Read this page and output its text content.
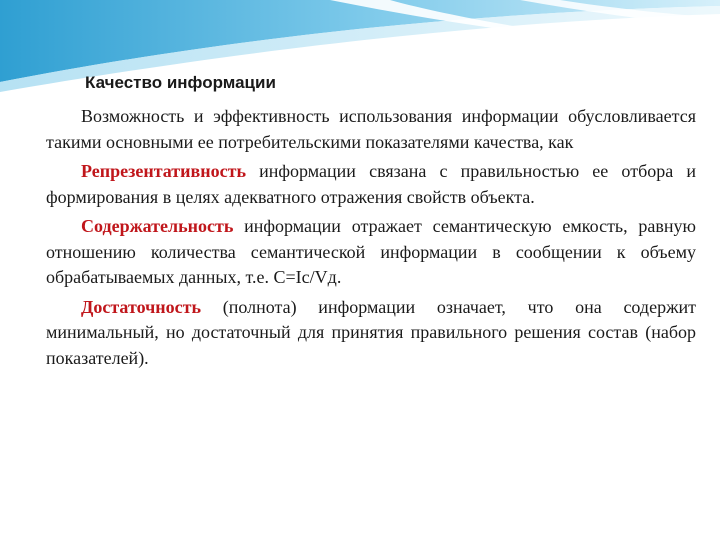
Качество информации

Возможность и эффективность использования информации обусловливается такими основными ее потребительскими показателями качества, как

Репрезентативность информации связана с правильностью ее отбора и формирования в целях адекватного отражения свойств объекта.

Содержательность информации отражает семантическую емкость, равную отношению количества семантической информации в сообщении к объему обрабатываемых данных, т.е. С=Iс/Vд.

Достаточность (полнота) информации означает, что она содержит минимальный, но достаточный для принятия правильного решения состав (набор показателей).
